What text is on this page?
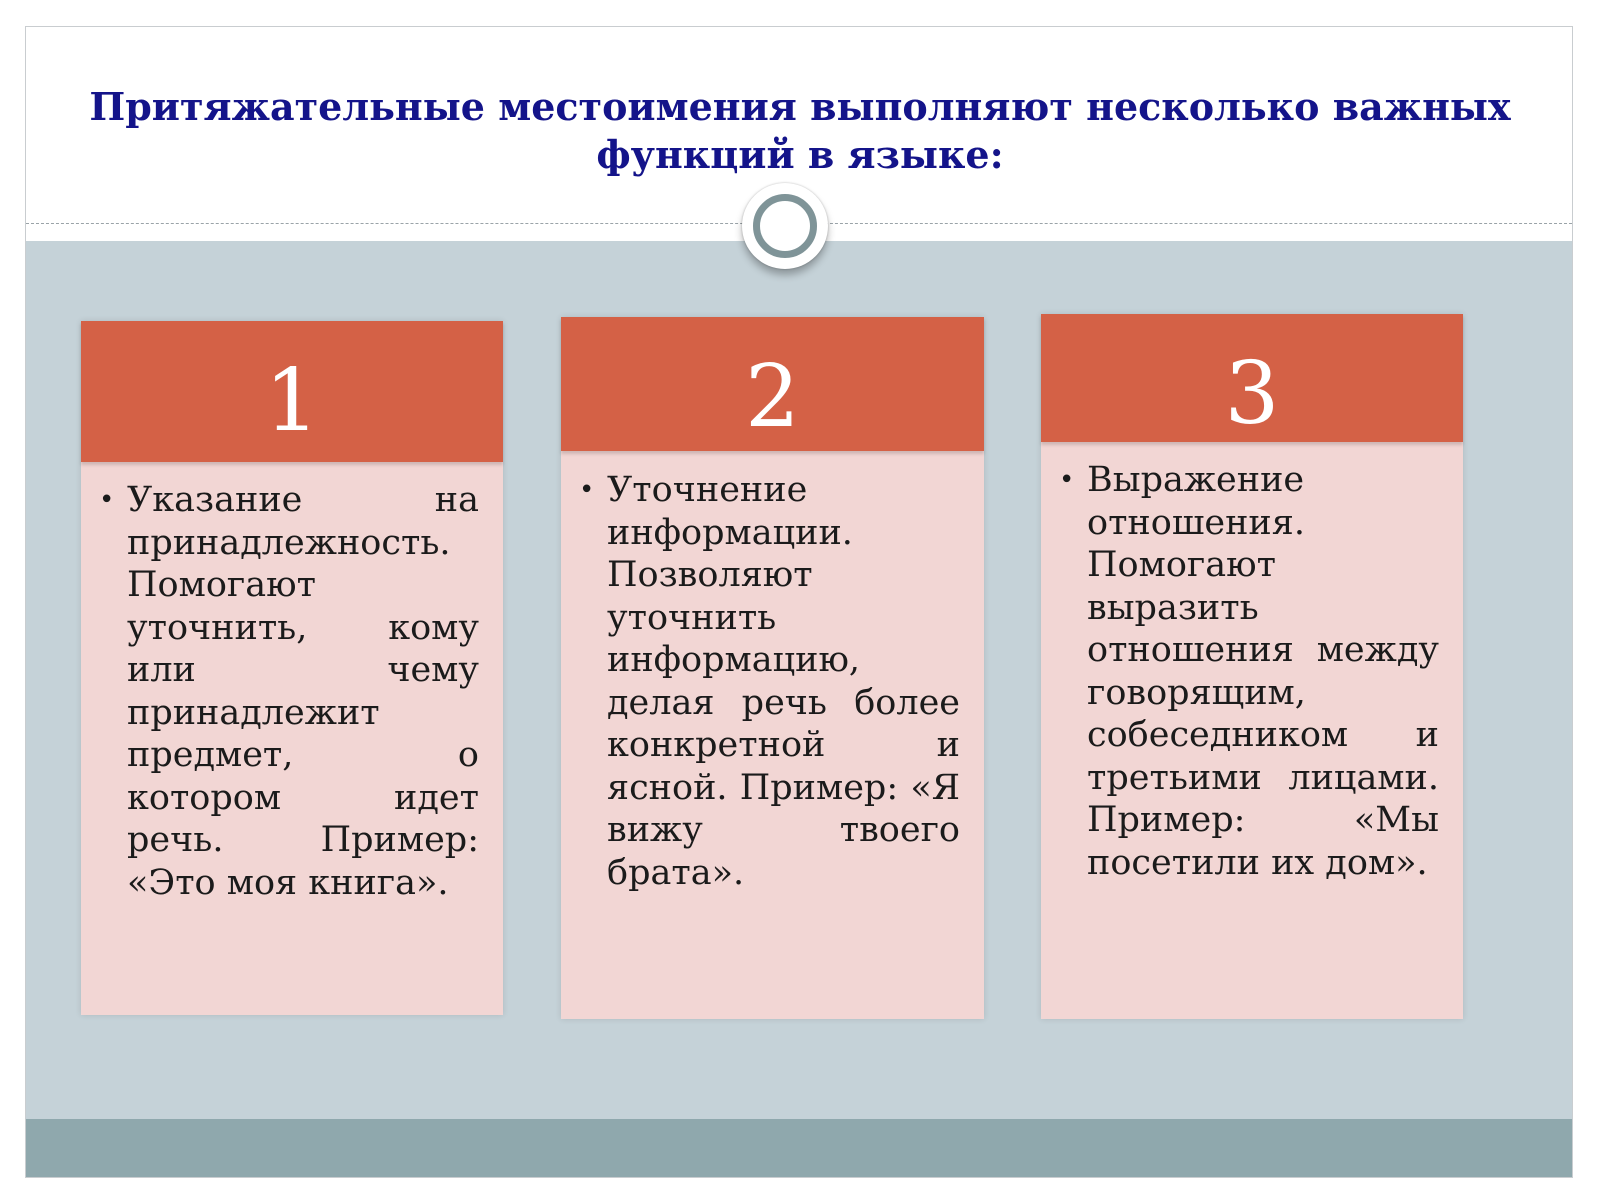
Притяжательные местоимения выполняют несколько важных функций в языке:
1
• Указание на принадлежность. Помогают уточнить, кому или чему принадлежит предмет, о котором идет речь. Пример: «Это моя книга».
2
• Уточнение информации. Позволяют уточнить информацию, делая речь более конкретной и ясной. Пример: «Я вижу твоего брата».
3
• Выражение отношения. Помогают выразить отношения между говорящим, собеседником и третьими лицами. Пример: «Мы посетили их дом».
